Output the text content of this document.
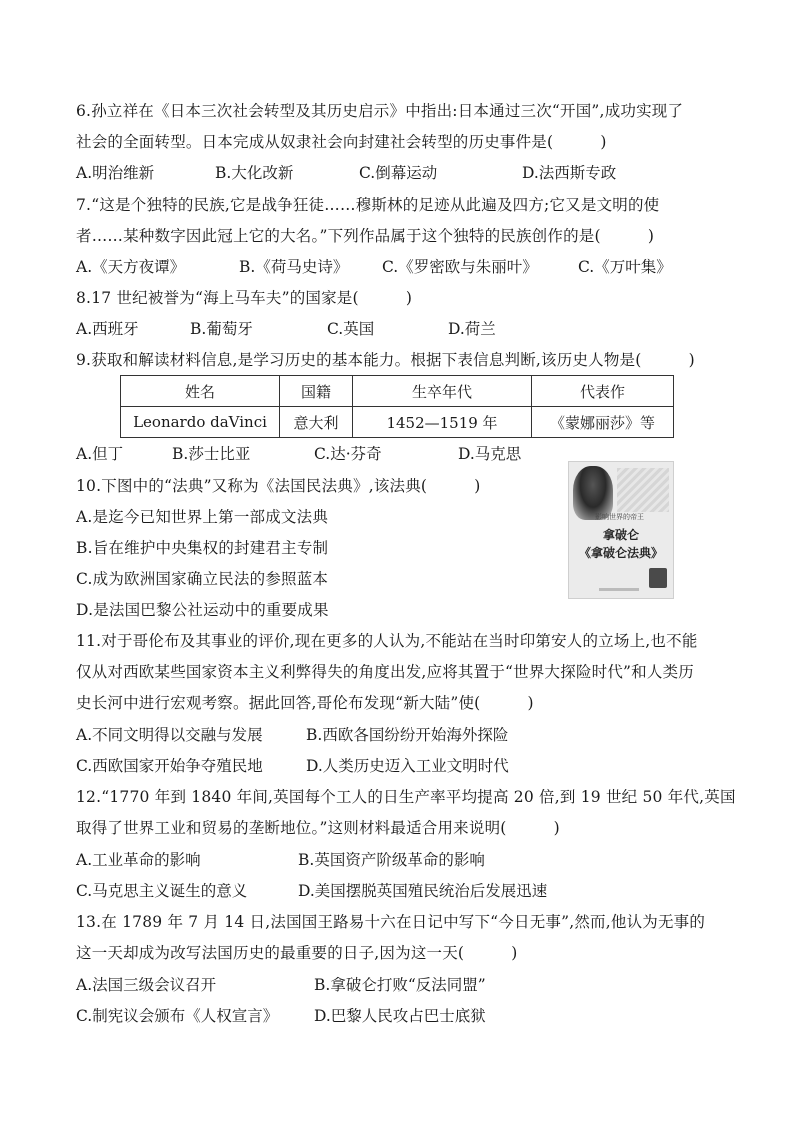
6.孙立祥在《日本三次社会转型及其历史启示》中指出:日本通过三次“开国”,成功实现了
社会的全面转型。日本完成从奴隶社会向封建社会转型的历史事件是(　　　)
A.明治维新	B.大化改新	C.倒幕运动	D.法西斯专政
7.“这是个独特的民族,它是战争狂徒……穆斯林的足迹从此遍及四方;它又是文明的使
者……某种数字因此冠上它的大名。”下列作品属于这个独特的民族创作的是(　　　)
A.《天方夜谭》	B.《荷马史诗》 C.《罗密欧与朱丽叶》	C.《万叶集》
8.17 世纪被誉为“海上马车夫”的国家是(　　　)
A.西班牙	B.葡萄牙	C.英国	D.荷兰
9.获取和解读材料信息,是学习历史的基本能力。根据下表信息判断,该历史人物是(　　　)
姓名	国籍	生卒年代	代表作
Leonardo daVinci	意大利	1452—1519 年	《蒙娜丽莎》等
A.但丁	B.莎士比亚	C.达·芬奇	D.马克思
10.下图中的“法典”又称为《法国民法典》,该法典(　　　)
A.是迄今已知世界上第一部成文法典
B.旨在维护中央集权的封建君主专制
C.成为欧洲国家确立民法的参照蓝本
D.是法国巴黎公社运动中的重要成果
影响世界的帝王
拿破仑
《拿破仑法典》
11.对于哥伦布及其事业的评价,现在更多的人认为,不能站在当时印第安人的立场上,也不能
仅从对西欧某些国家资本主义利弊得失的角度出发,应将其置于“世界大探险时代”和人类历
史长河中进行宏观考察。据此回答,哥伦布发现“新大陆”使(　　　)
A.不同文明得以交融与发展	B.西欧各国纷纷开始海外探险
C.西欧国家开始争夺殖民地	D.人类历史迈入工业文明时代
12.“1770 年到 1840 年间,英国每个工人的日生产率平均提高 20 倍,到 19 世纪 50 年代,英国
取得了世界工业和贸易的垄断地位。”这则材料最适合用来说明(　　　)
A.工业革命的影响	B.英国资产阶级革命的影响
C.马克思主义诞生的意义	D.美国摆脱英国殖民统治后发展迅速
13.在 1789 年 7 月 14 日,法国国王路易十六在日记中写下“今日无事”,然而,他认为无事的
这一天却成为改写法国历史的最重要的日子,因为这一天(　　　)
A.法国三级会议召开	B.拿破仑打败“反法同盟”
C.制宪议会颁布《人权宣言》 D.巴黎人民攻占巴士底狱
